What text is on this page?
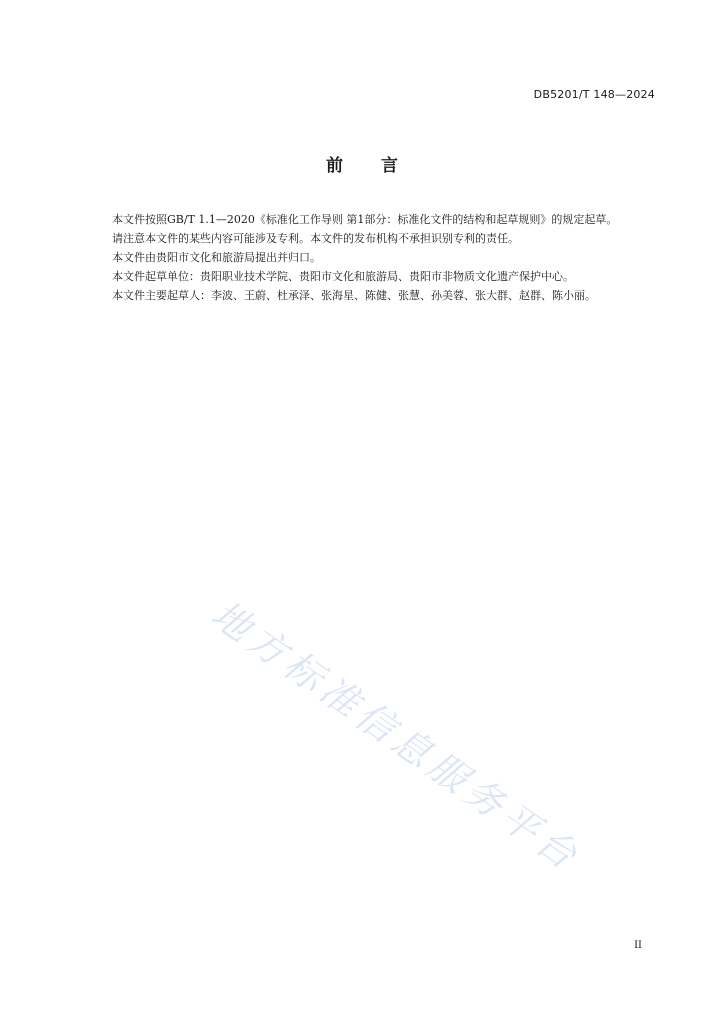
DB5201/T 148—2024
前言

本文件按照GB/T 1.1—2020《标准化工作导则 第1部分：标准化文件的结构和起草规则》的规定起草。

请注意本文件的某些内容可能涉及专利。本文件的发布机构不承担识别专利的责任。

本文件由贵阳市文化和旅游局提出并归口。

本文件起草单位：贵阳职业技术学院、贵阳市文化和旅游局、贵阳市非物质文化遗产保护中心。

本文件主要起草人：李波、王蔚、杜承泽、张海星、陈健、张慧、孙美蓉、张大群、赵群、陈小丽。

地方标准信息服务平台
II
